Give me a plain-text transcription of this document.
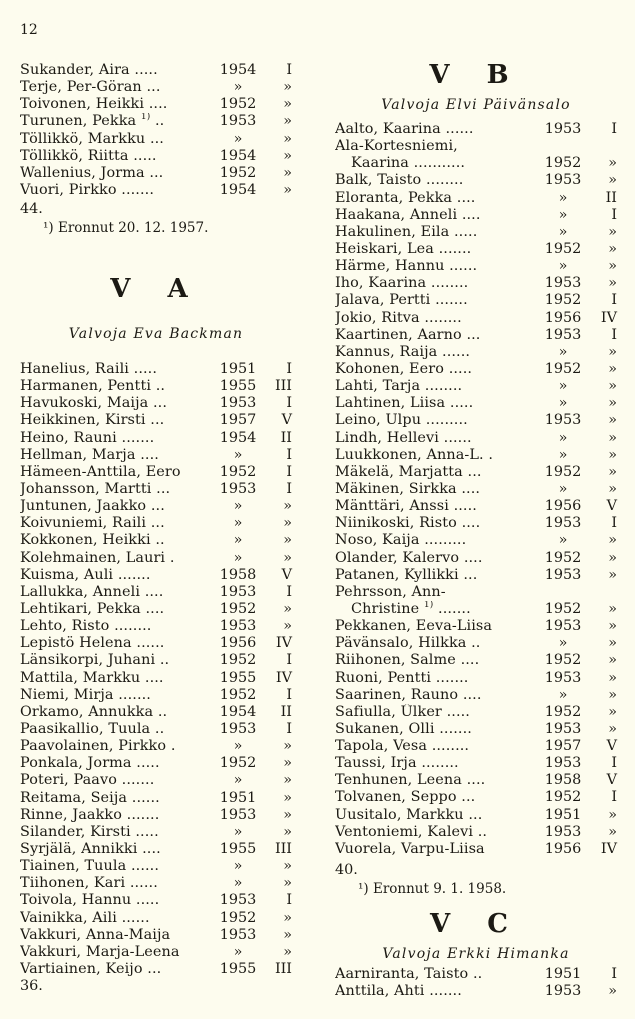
12
Sukander, Aira .....	1954	I
Terje, Per-Göran ...	»	»
Toivonen, Heikki ....	1952	»
Turunen, Pekka $^{1)}$ ..	1953	»
Töllikkö, Markku ...	»	»
Töllikkö, Riitta .....	1954	»
Wallenius, Jorma ...	1952	»
Vuori, Pirkko .......	1954	»
44.
¹) Eronnut 20. 12. 1957.
V A
Valvoja Eva Backman
Hanelius, Raili .....	1951	I
Harmanen, Pentti ..	1955	III
Havukoski, Maija ...	1953	I
Heikkinen, Kirsti ...	1957	V
Heino, Rauni .......	1954	II
Hellman, Marja ....	»	I
Hämeen-Anttila, Eero	1952	I
Johansson, Martti ...	1953	I
Juntunen, Jaakko ...	»	»
Koivuniemi, Raili ...	»	»
Kokkonen, Heikki ..	»	»
Kolehmainen, Lauri .	»	»
Kuisma, Auli .......	1958	V
Lallukka, Anneli ....	1953	I
Lehtikari, Pekka ....	1952	»
Lehto, Risto ........	1953	»
Lepistö Helena ......	1956	IV
Länsikorpi, Juhani ..	1952	I
Mattila, Markku ....	1955	IV
Niemi, Mirja .......	1952	I
Orkamo, Annukka ..	1954	II
Paasikallio, Tuula ..	1953	I
Paavolainen, Pirkko .	»	»
Ponkala, Jorma .....	1952	»
Poteri, Paavo .......	»	»
Reitama, Seija ......	1951	»
Rinne, Jaakko .......	1953	»
Silander, Kirsti .....	»	»
Syrjälä, Annikki ....	1955	III
Tiainen, Tuula ......	»	»
Tiihonen, Kari ......	»	»
Toivola, Hannu .....	1953	I
Vainikka, Aili ......	1952	»
Vakkuri, Anna-Maija	1953	»
Vakkuri, Marja-Leena	»	»
Vartiainen, Keijo ...	1955	III
36.
V B
Valvoja Elvi Päivänsalo
Aalto, Kaarina ......	1953	I
Ala-Kortesniemi,
Kaarina ...........	1952	»
Balk, Taisto ........	1953	»
Eloranta, Pekka ....	»	II
Haakana, Anneli ....	»	I
Hakulinen, Eila .....	»	»
Heiskari, Lea .......	1952	»
Härme, Hannu ......	»	»
Iho, Kaarina ........	1953	»
Jalava, Pertti .......	1952	I
Jokio, Ritva ........	1956	IV
Kaartinen, Aarno ...	1953	I
Kannus, Raija ......	»	»
Kohonen, Eero .....	1952	»
Lahti, Tarja ........	»	»
Lahtinen, Liisa .....	»	»
Leino, Ulpu .........	1953	»
Lindh, Hellevi ......	»	»
Luukkonen, Anna-L. .	»	»
Mäkelä, Marjatta ...	1952	»
Mäkinen, Sirkka ....	»	»
Mänttäri, Anssi .....	1956	V
Niinikoski, Risto ....	1953	I
Noso, Kaija .........	»	»
Olander, Kalervo ....	1952	»
Patanen, Kyllikki ...	1953	»
Pehrsson, Ann-
Christine $^{1)}$ .......	1952	»
Pekkanen, Eeva-Liisa	1953	»
Pävänsalo, Hilkka ..	»	»
Riihonen, Salme ....	1952	»
Ruoni, Pentti .......	1953	»
Saarinen, Rauno ....	»	»
Safiulla, Ülker .....	1952	»
Sukanen, Olli .......	1953	»
Tapola, Vesa ........	1957	V
Taussi, Irja ........	1953	I
Tenhunen, Leena ....	1958	V
Tolvanen, Seppo ...	1952	I
Uusitalo, Markku ...	1951	»
Ventoniemi, Kalevi ..	1953	»
Vuorela, Varpu-Liisa	1956	IV
40.
¹) Eronnut 9. 1. 1958.
V C
Valvoja Erkki Himanka
Aarniranta, Taisto ..	1951	I
Anttila, Ahti .......	1953	»
